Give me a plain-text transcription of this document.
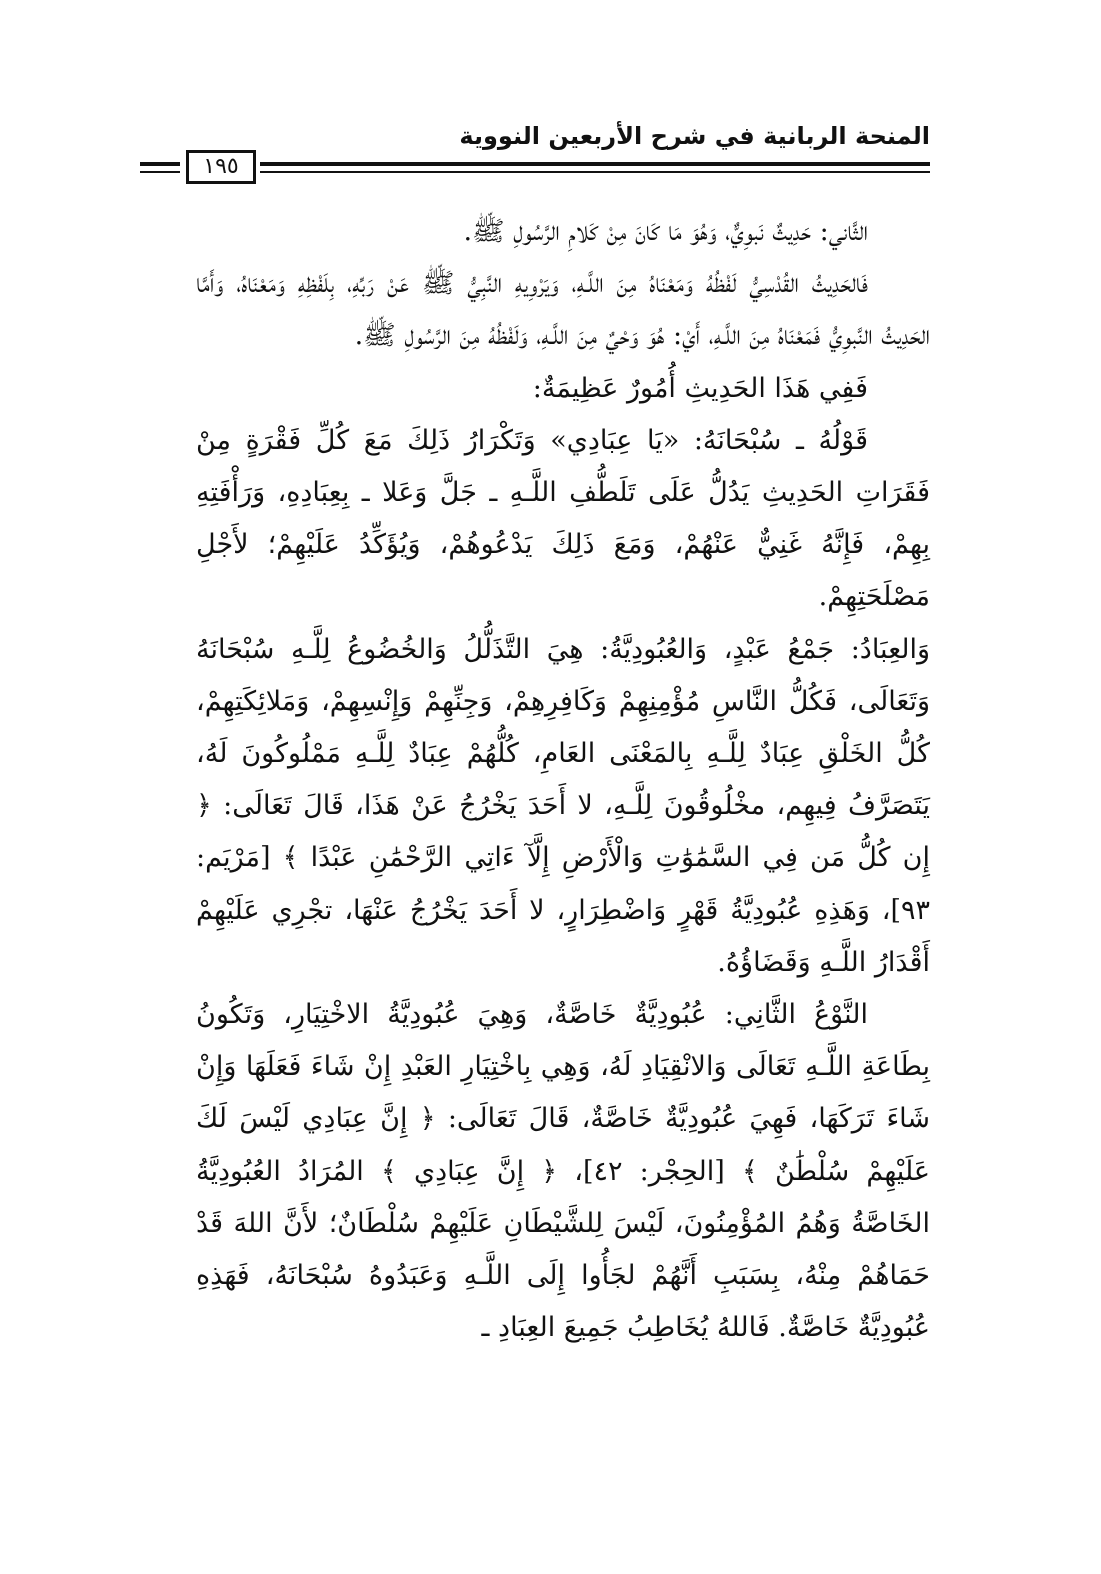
المنحة الربانية في شرح الأربعين النووية
١٩٥

الثَّاني: حَدِيثٌ نَبوِيٌّ، وَهُوَ مَا كَانَ مِنْ كَلامِ الرَّسُولِ ﷺ.

فَالحَدِيثُ القُدْسِيُّ لَفْظُهُ وَمَعْنَاهُ مِنَ اللَّـهِ، وَيَرْوِيهِ النَّبِيُّ ﷺ عَنْ رَبِّهِ، بِلَفْظِهِ وَمَعْنَاهُ، وَأَمَّا الحَدِيثُ النَّبوِيُّ فَمَعْنَاهُ مِنَ اللَّـهِ، أَيْ: هُوَ وَحْيٌ مِنَ اللَّـهِ، وَلَفْظُهُ مِنَ الرَّسُولِ ﷺ.

فَفِي هَذَا الحَدِيثِ أُمُورٌ عَظِيمَةٌ:

قَوْلُهُ ـ سُبْحَانَهُ: «يَا عِبَادِي» وَتَكْرَارُ ذَلِكَ مَعَ كُلِّ فَقْرَةٍ مِنْ فَقَرَاتِ الحَدِيثِ يَدُلُّ عَلَى تَلَطُّفِ اللَّـهِ ـ جَلَّ وَعَلا ـ بِعِبَادِهِ، وَرَأْفَتِهِ بِهِمْ، فَإِنَّهُ غَنِيٌّ عَنْهُمْ، وَمَعَ ذَلِكَ يَدْعُوهُمْ، وَيُؤَكِّدُ عَلَيْهِمْ؛ لأَجْلِ مَصْلَحَتِهِمْ.

وَالعِبَادُ: جَمْعُ عَبْدٍ، وَالعُبُودِيَّةُ: هِيَ التَّذَلُّلُ وَالخُضُوعُ لِلَّـهِ سُبْحَانَهُ وَتَعَالَى، فَكُلُّ النَّاسِ مُؤْمِنِهِمْ وَكَافِرِهِمْ، وَجِنِّهِمْ وَإِنْسِهِمْ، وَمَلائِكَتِهِمْ، كُلُّ الخَلْقِ عِبَادٌ لِلَّـهِ بِالمَعْنَى العَامِ، كُلُّهُمْ عِبَادٌ لِلَّـهِ مَمْلُوكُونَ لَهُ، يَتَصَرَّفُ فِيهِم، مخْلُوقُونَ لِلَّـهِ، لا أَحَدَ يَخْرُجُ عَنْ هَذَا، قَالَ تَعَالَى: ﴿ إِن كُلُّ مَن فِي السَّمَٰوَٰتِ وَالْأَرْضِ إِلَّآ ءَاتِي الرَّحْمَٰنِ عَبْدًا ﴾ [مَرْيَم: ٩٣]، وَهَذِهِ عُبُودِيَّةُ قَهْرٍ وَاضْطِرَارٍ، لا أَحَدَ يَخْرُجُ عَنْهَا، تجْرِي عَلَيْهِمْ أَقْدَارُ اللَّـهِ وَقَضَاؤُهُ.

النَّوْعُ الثَّانِي: عُبُودِيَّةٌ خَاصَّةٌ، وَهِيَ عُبُودِيَّةُ الاخْتِيَارِ، وَتَكُونُ بِطَاعَةِ اللَّـهِ تَعَالَى وَالانْقِيَادِ لَهُ، وَهِي بِاخْتِيَارِ العَبْدِ إِنْ شَاءَ فَعَلَهَا وَإِنْ شَاءَ تَرَكَهَا، فَهِيَ عُبُودِيَّةٌ خَاصَّةٌ، قَالَ تَعَالَى: ﴿ إِنَّ عِبَادِي لَيْسَ لَكَ عَلَيْهِمْ سُلْطَٰنٌ ﴾ [الحِجْر: ٤٢]، ﴿ إِنَّ عِبَادِي ﴾ المُرَادُ العُبُودِيَّةُ الخَاصَّةُ وَهُمُ المُؤْمِنُونَ، لَيْسَ لِلشَّيْطَانِ عَلَيْهِمْ سُلْطَانٌ؛ لأَنَّ اللهَ قَدْ حَمَاهُمْ مِنْهُ، بِسَبَبِ أَنَّهُمْ لجَأُوا إِلَى اللَّـهِ وَعَبَدُوهُ سُبْحَانَهُ، فَهَذِهِ عُبُودِيَّةٌ خَاصَّةٌ. فَاللهُ يُخَاطِبُ جَمِيعَ العِبَادِ ـ
